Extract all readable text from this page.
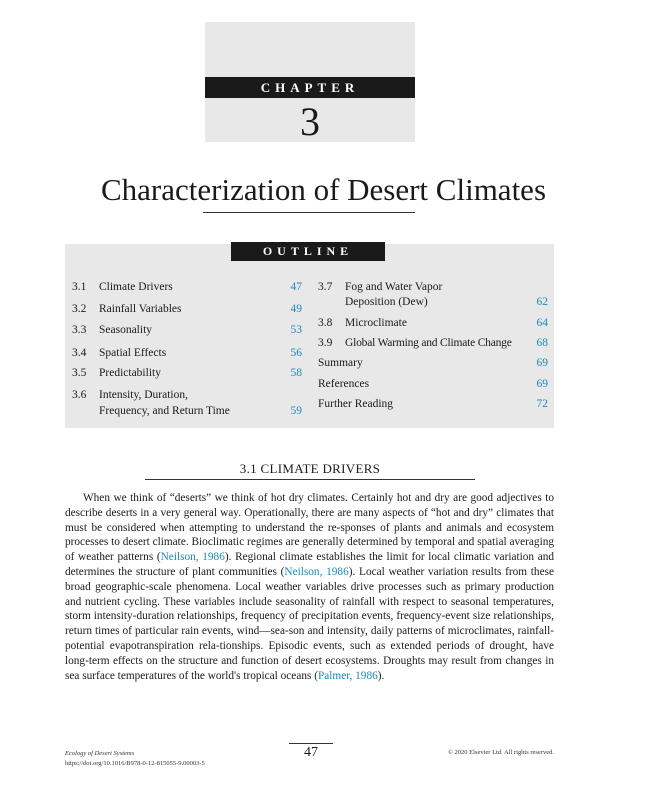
CHAPTER
3
Characterization of Desert Climates
OUTLINE
3.1 Climate Drivers	47
3.2 Rainfall Variables	49
3.3 Seasonality	53
3.4 Spatial Effects	56
3.5 Predictability	58
3.6 Intensity, Duration,
Frequency, and Return Time	59
3.7 Fog and Water Vapor
Deposition (Dew)	62
3.8 Microclimate	64
3.9 Global Warming and Climate Change	68
Summary	69
References	69
Further Reading	72
3.1 CLIMATE DRIVERS
When we think of “deserts” we think of hot dry climates. Certainly hot and dry are good adjectives to describe deserts in a very general way. Operationally, there are many aspects of “hot and dry” climates that must be considered when attempting to understand the re-sponses of plants and animals and ecosystem processes to desert climate. Bioclimatic regimes are generally determined by temporal and spatial averaging of weather patterns (Neilson, 1986). Regional climate establishes the limit for local climatic variation and determines the structure of plant communities (Neilson, 1986). Local weather variation results from these broad geographic-scale phenomena. Local weather variables drive processes such as primary production and nutrient cycling. These variables include seasonality of rainfall with respect to seasonal temperatures, storm intensity-duration relationships, frequency of precipitation events, frequency-event size relationships, return times of particular rain events, wind—sea-son and intensity, daily patterns of microclimates, rainfall-potential evapotranspiration rela-tionships. Episodic events, such as extended periods of drought, have long-term effects on the structure and function of desert ecosystems. Droughts may result from changes in sea surface temperatures of the world's tropical oceans (Palmer, 1986).
47
Ecology of Desert Systems
https://doi.org/10.1016/B978-0-12-815055-9.00003-5
© 2020 Elsevier Ltd. All rights reserved.
